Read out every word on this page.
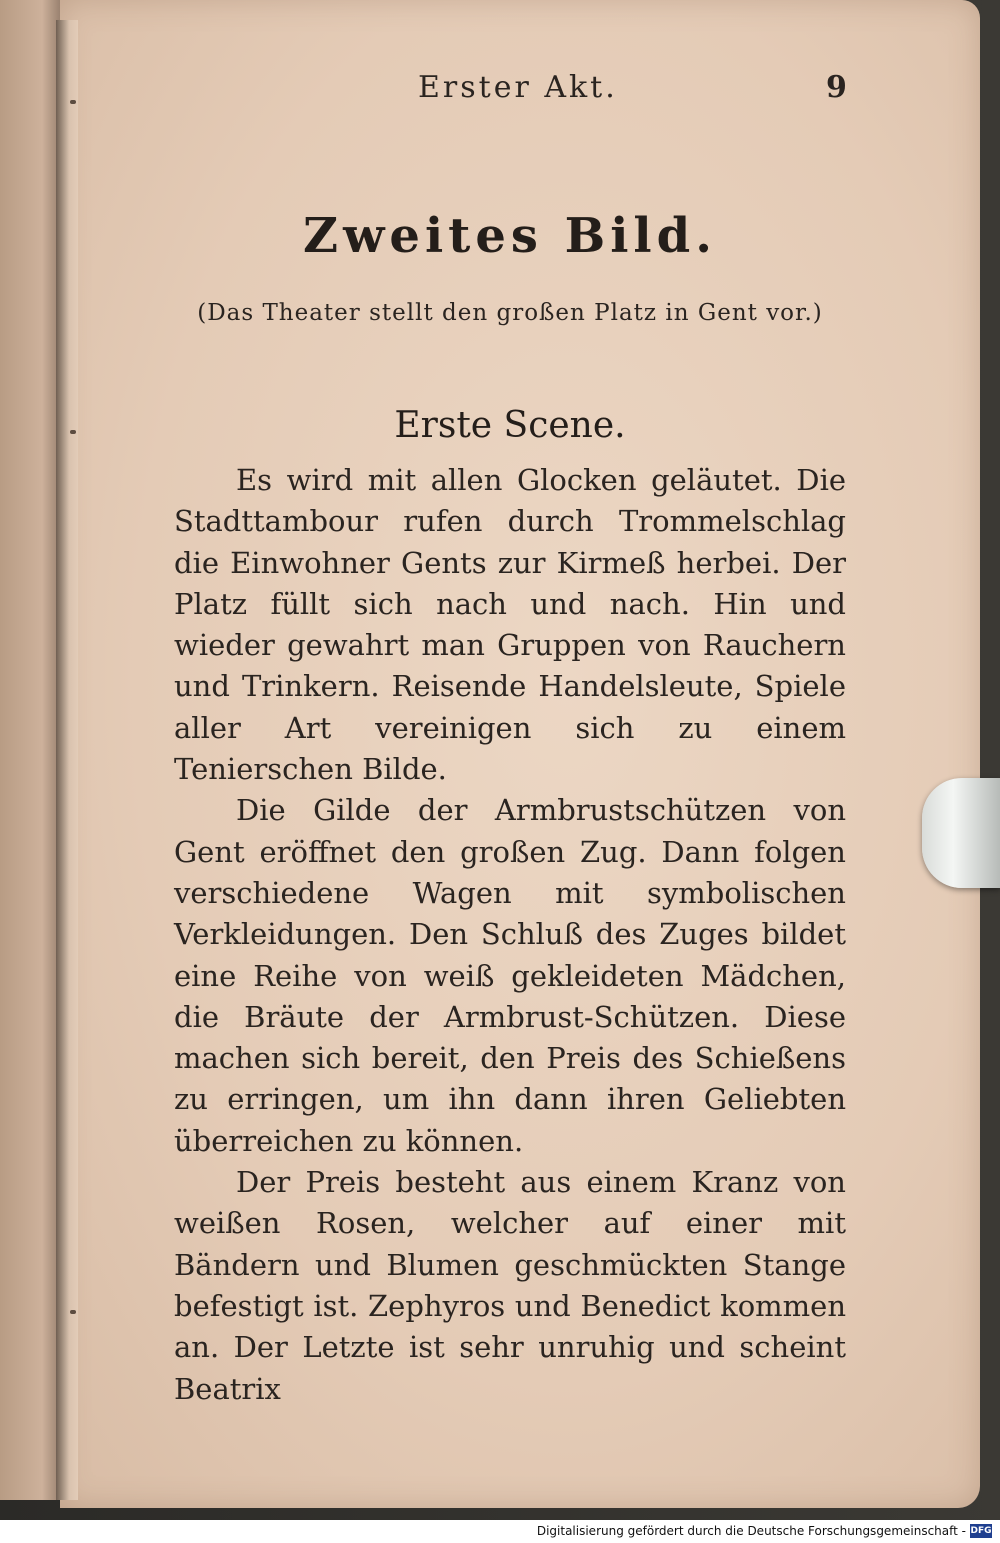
Erster Akt.	9
Zweites Bild.
(Das Theater stellt den großen Platz in Gent vor.)
Erste Scene.

Es wird mit allen Glocken geläutet. Die Stadttambour rufen durch Trommelschlag die Einwohner Gents zur Kirmeß herbei. Der Platz füllt sich nach und nach. Hin und wieder gewahrt man Gruppen von Rauchern und Trinkern. Reisende Handelsleute, Spiele aller Art vereinigen sich zu einem Tenierschen Bilde.

Die Gilde der Armbrustschützen von Gent eröffnet den großen Zug. Dann folgen verschiedene Wagen mit symbolischen Verkleidungen. Den Schluß des Zuges bildet eine Reihe von weiß gekleideten Mädchen, die Bräute der Armbrust-Schützen. Diese machen sich bereit, den Preis des Schießens zu erringen, um ihn dann ihren Geliebten überreichen zu können.

Der Preis besteht aus einem Kranz von weißen Rosen, welcher auf einer mit Bändern und Blumen geschmückten Stange befestigt ist. Zephyros und Benedict kommen an. Der Letzte ist sehr unruhig und scheint Beatrix

Digitalisierung gefördert durch die Deutsche Forschungsgemeinschaft - DFG
